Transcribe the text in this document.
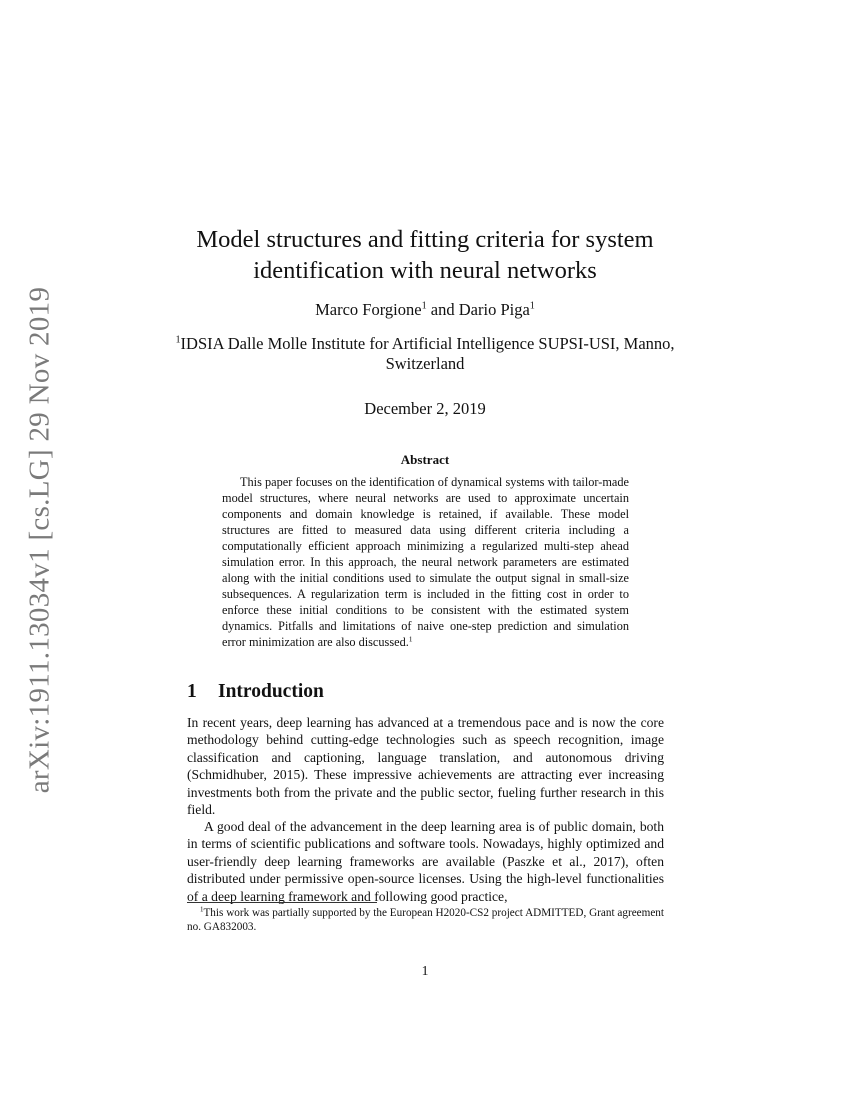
arXiv:1911.13034v1 [cs.LG] 29 Nov 2019
Model structures and fitting criteria for system identification with neural networks
Marco Forgione$^1$ and Dario Piga$^1$
$^1$IDSIA Dalle Molle Institute for Artificial Intelligence SUPSI-USI, Manno, Switzerland
December 2, 2019
Abstract

This paper focuses on the identification of dynamical systems with tailor-made model structures, where neural networks are used to approximate uncertain components and domain knowledge is retained, if available. These model structures are fitted to measured data using different criteria including a computationally efficient approach minimizing a regularized multi-step ahead simulation error. In this approach, the neural network parameters are estimated along with the initial conditions used to simulate the output signal in small-size subsequences. A regularization term is included in the fitting cost in order to enforce these initial conditions to be consistent with the estimated system dynamics. Pitfalls and limitations of naive one-step prediction and simulation error minimization are also discussed.$^1$

1 Introduction

In recent years, deep learning has advanced at a tremendous pace and is now the core methodology behind cutting-edge technologies such as speech recognition, image classification and captioning, language translation, and autonomous driving (Schmidhuber, 2015). These impressive achievements are attracting ever increasing investments both from the private and the public sector, fueling further research in this field.

A good deal of the advancement in the deep learning area is of public domain, both in terms of scientific publications and software tools. Nowadays, highly optimized and user-friendly deep learning frameworks are available (Paszke et al., 2017), often distributed under permissive open-source licenses. Using the high-level functionalities of a deep learning framework and following good practice,

$^1$This work was partially supported by the European H2020-CS2 project ADMITTED, Grant agreement no. GA832003.

1
